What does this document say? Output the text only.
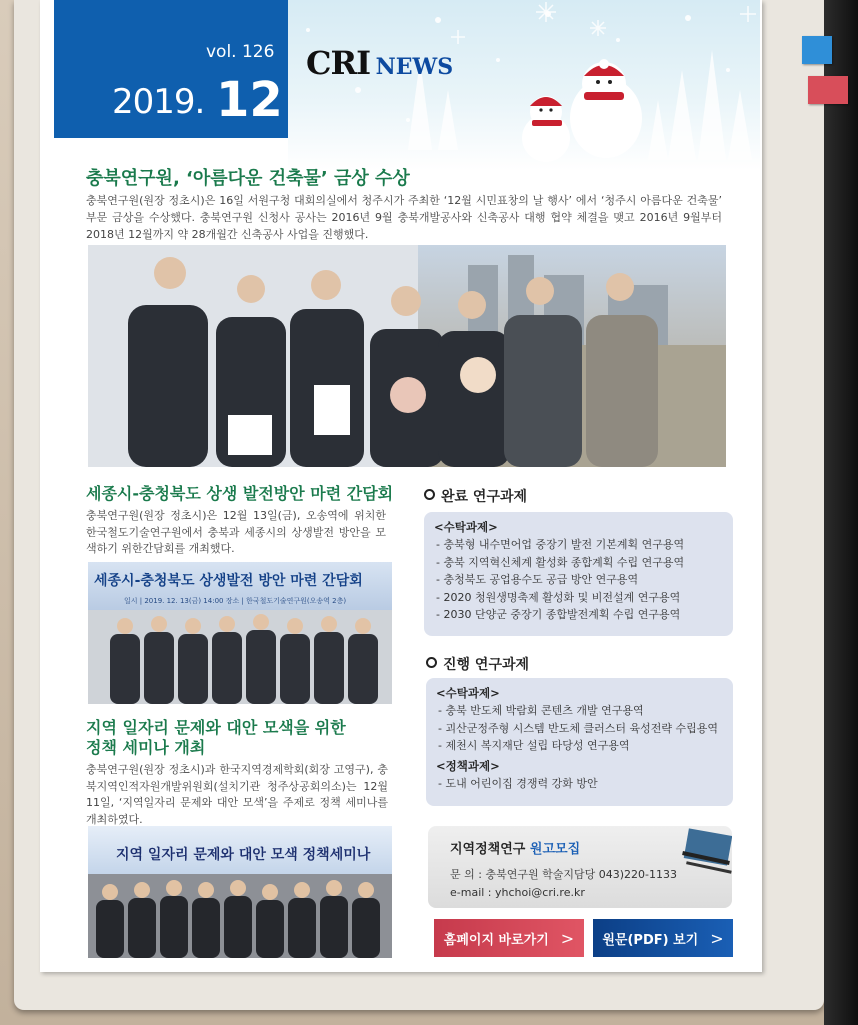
vol. 126
2019. 12
CRI NEWS
충북연구원, ‘아름다운 건축물’ 금상 수상

충북연구원(원장 정초시)은 16일 서원구청 대회의실에서 청주시가 주최한 ‘12월 시민표창의 날 행사’ 에서 ‘청주시 아름다운 건축물’ 부문 금상을 수상했다. 충북연구원 신청사 공사는 2016년 9월 충북개발공사와 신축공사 대행 협약 체결을 맺고 2016년 9월부터 2018년 12월까지 약 28개월간 신축공사 사업을 진행했다.

세종시-충청북도 상생 발전방안 마련 간담회

충북연구원(원장 정초시)은 12월 13일(금), 오송역에 위치한 한국철도기술연구원에서 충북과 세종시의 상생발전 방안을 모색하기 위한간담회를 개최했다.

세종시-충청북도 상생발전 방안 마련 간담회
일시 | 2019. 12. 13(금) 14:00 장소 | 한국철도기술연구원(오송역 2층)
지역 일자리 문제와 대안 모색을 위한
정책 세미나 개최

충북연구원(원장 정초시)과 한국지역경제학회(회장 고영구), 충북지역인적자원개발위원회(설치기관 청주상공회의소)는 12월 11일, ‘지역일자리 문제와 대안 모색’을 주제로 정책 세미나를 개최하였다.

지역 일자리 문제와 대안 모색 정책세미나
완료 연구과제
<수탁과제>
- 충북형 내수면어업 중장기 발전 기본계획 연구용역
- 충북 지역혁신체계 활성화 종합계획 수립 연구용역
- 충청북도 공업용수도 공급 방안 연구용역
- 2020 청원생명축제 활성화 및 비전설계 연구용역
- 2030 단양군 중장기 종합발전계획 수립 연구용역
진행 연구과제
<수탁과제>
- 충북 반도체 박람회 콘텐츠 개발 연구용역
- 괴산군정주형 시스템 반도체 클러스터 육성전략 수립용역
- 제천시 복지재단 설립 타당성 연구용역
<정책과제>
- 도내 어린이집 경쟁력 강화 방안
지역정책연구 원고모집
문 의 : 충북연구원 학술지담당 043)220-1133
e-mail : yhchoi@cri.re.kr
홈페이지 바로가기 > 원문(PDF) 보기 >
